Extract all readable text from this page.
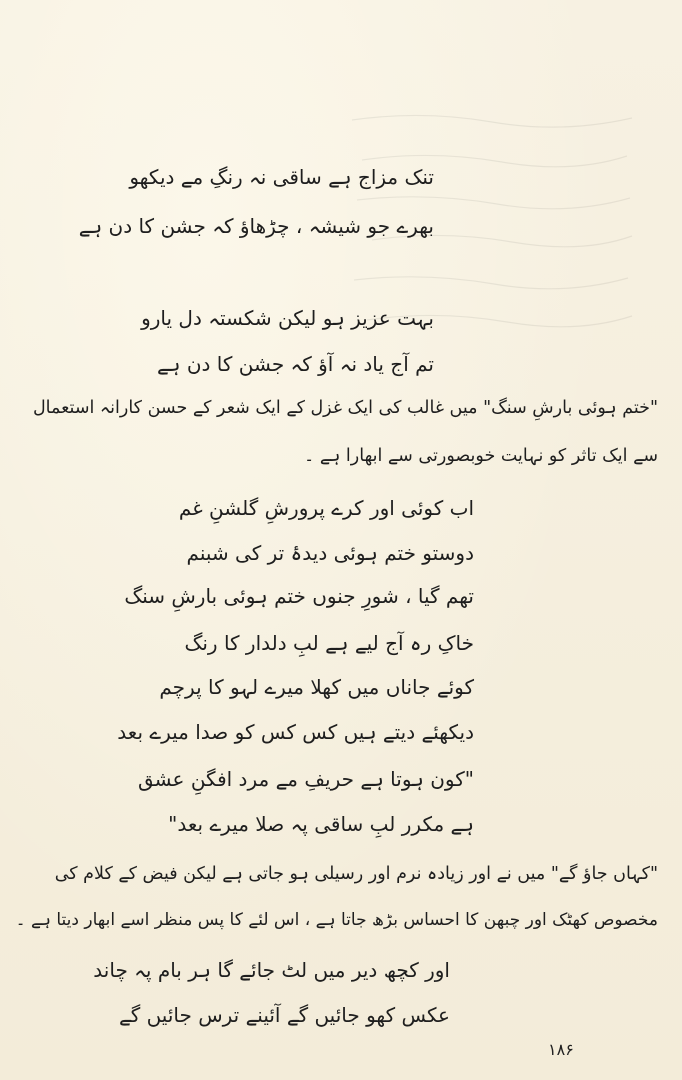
تنک مزاج ہے ساقی نہ رنگِ مے دیکھو
بھرے جو شیشہ ، چڑھاؤ کہ جشن کا دن ہے
بہت عزیز ہو لیکن شکستہ دل یارو
تم آج یاد نہ آؤ کہ جشن کا دن ہے
"ختم ہوئی بارشِ سنگ" میں غالب کی ایک غزل کے ایک شعر کے حسن کارانہ استعمال
سے ایک تاثر کو نہایت خوبصورتی سے ابھارا ہے ۔
اب کوئی اور کرے پرورشِ گلشنِ غم
دوستو ختم ہوئی دیدۂ تر کی شبنم
تھم گیا ، شورِ جنوں ختم ہوئی بارشِ سنگ
خاکِ رہ آج لیے ہے لبِ دلدار کا رنگ
کوئے جاناں میں کھلا میرے لہو کا پرچم
دیکھئے دیتے ہیں کس کس کو صدا میرے بعد
"کون ہوتا ہے حریفِ مے مرد افگنِ عشق
ہے مکرر لبِ ساقی پہ صلا میرے بعد"
"کہاں جاؤ گے" میں نے اور زیادہ نرم اور رسیلی ہو جاتی ہے لیکن فیض کے کلام کی
مخصوص کھٹک اور چبھن کا احساس بڑھ جاتا ہے ، اس لئے کا پس منظر اسے ابھار دیتا ہے ۔
اور کچھ دیر میں لٹ جائے گا ہر بام پہ چاند
عکس کھو جائیں گے آئینے ترس جائیں گے
۱۸۶
